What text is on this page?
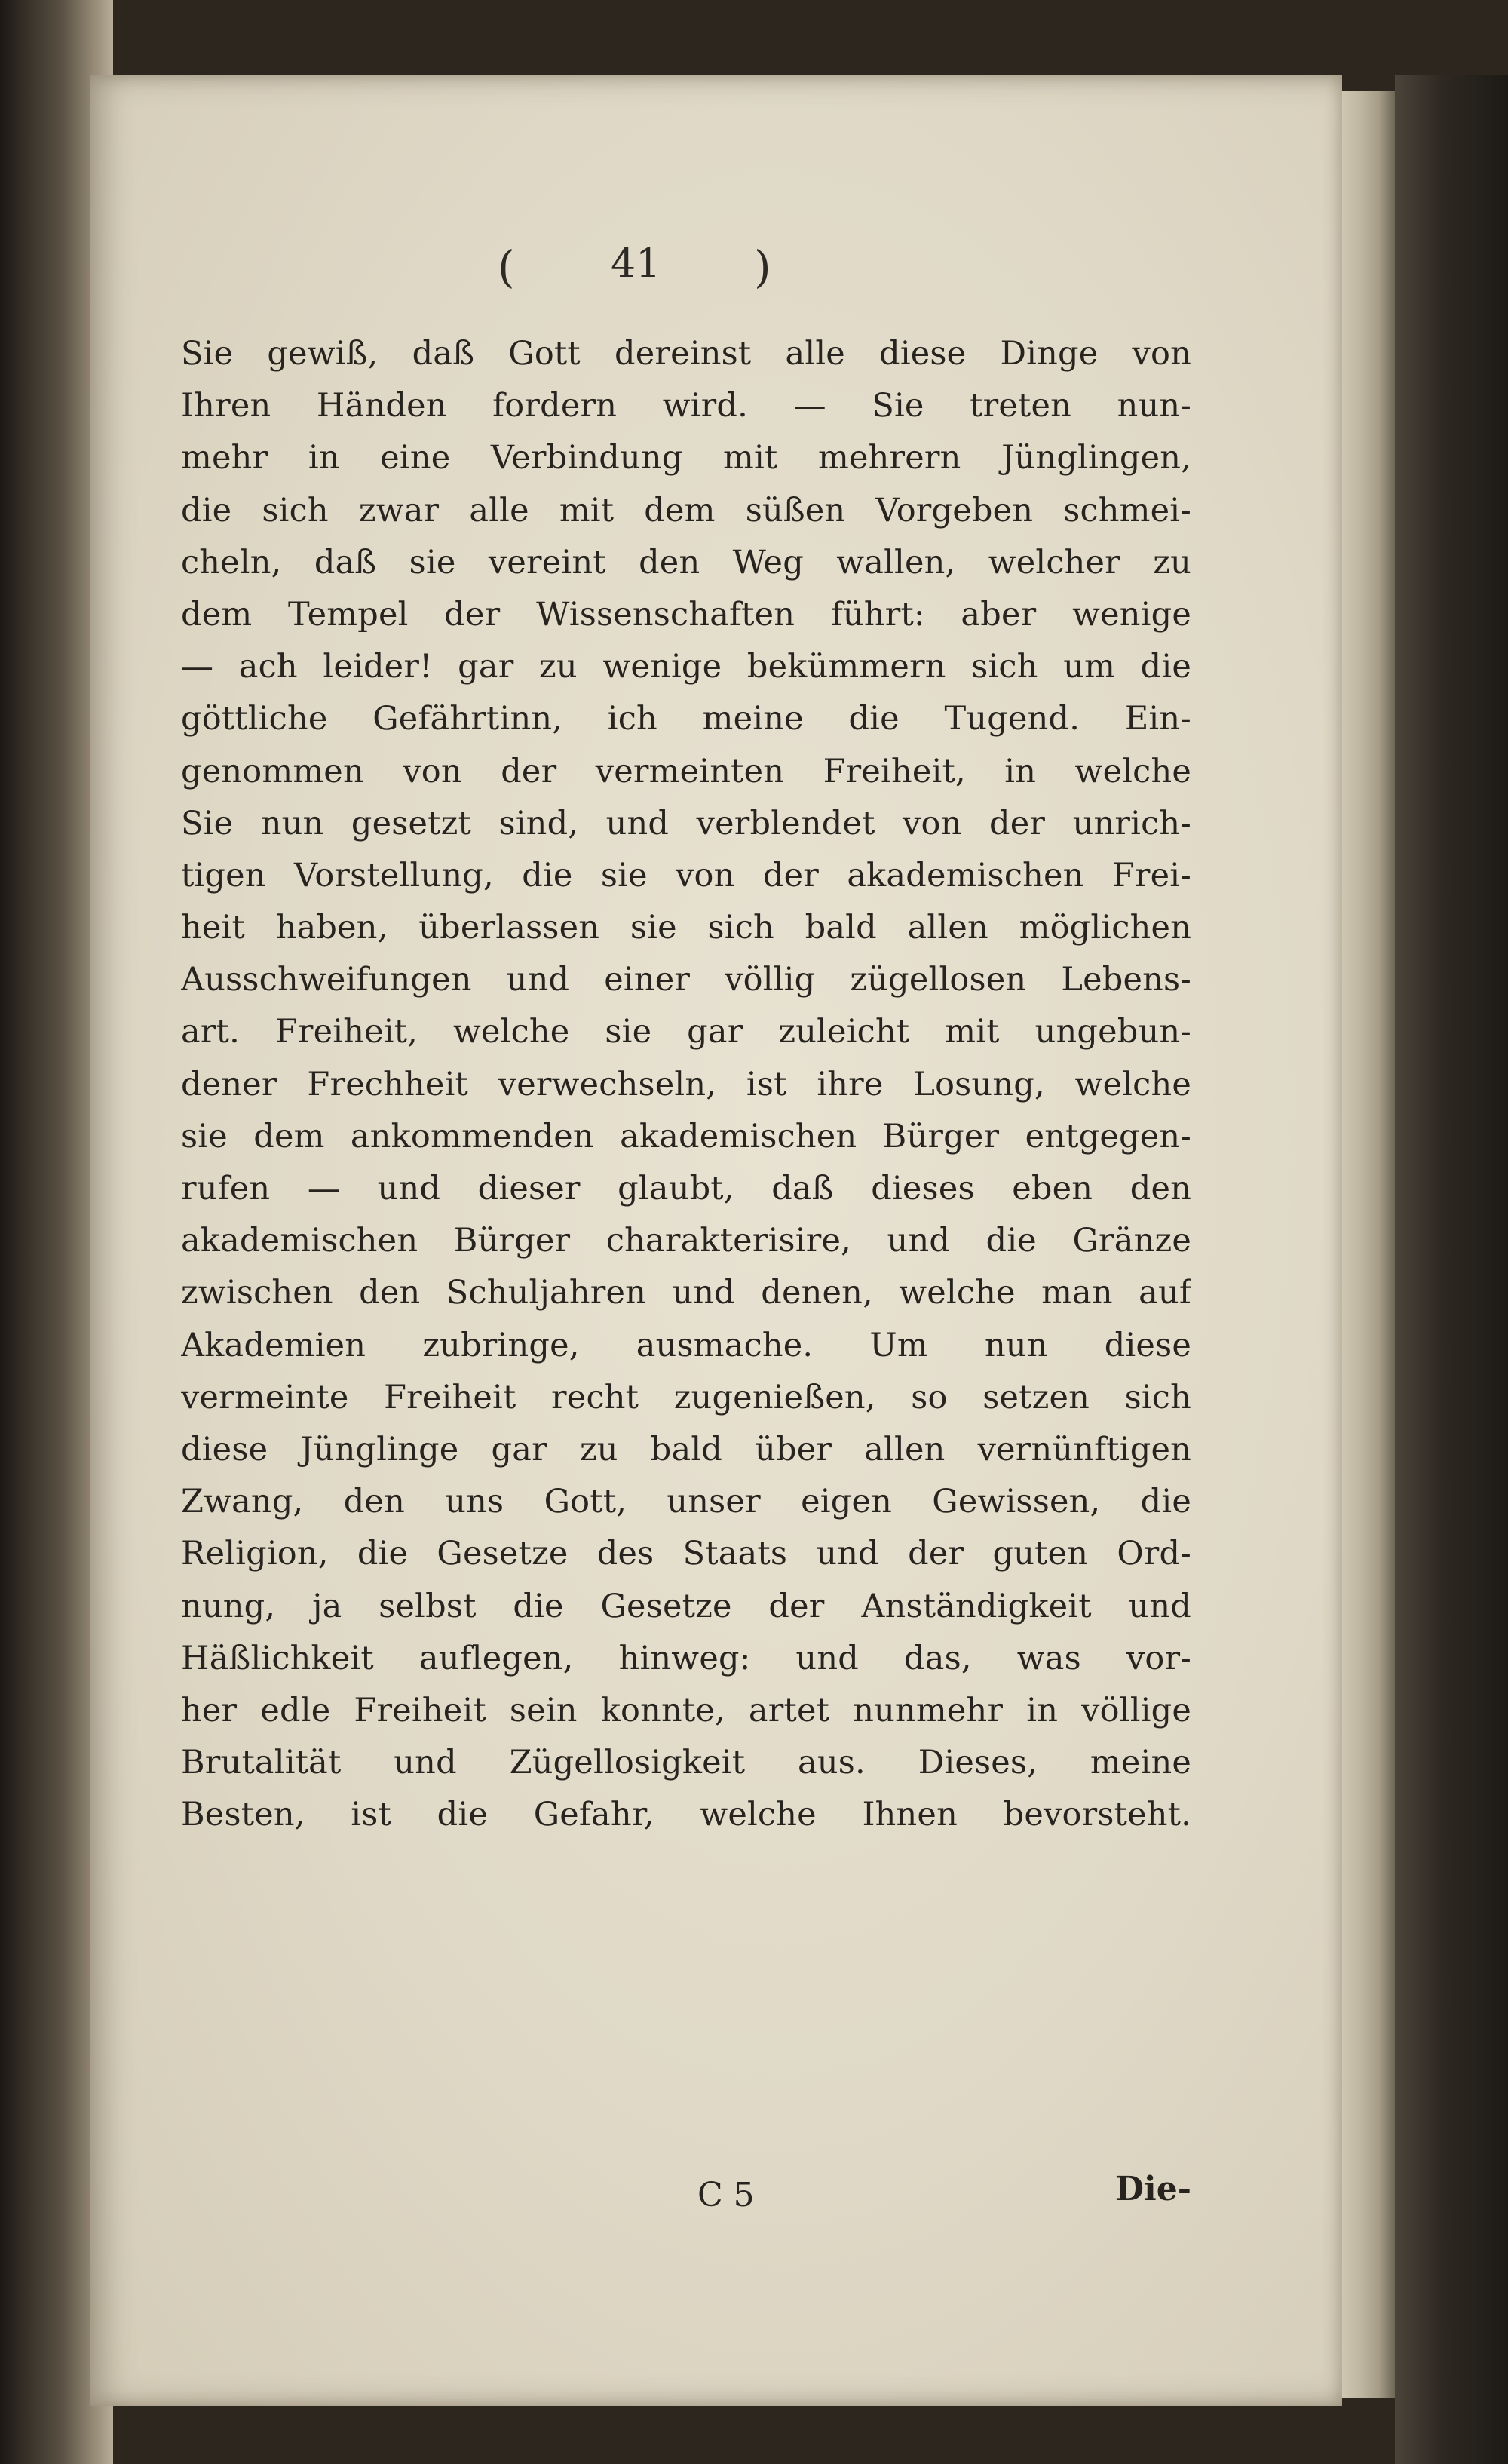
( 41 )
Sie gewiß, daß Gott dereinst alle diese Dinge von
Ihren Händen fordern wird. — Sie treten nun-
mehr in eine Verbindung mit mehrern Jünglingen,
die sich zwar alle mit dem süßen Vorgeben schmei-
cheln, daß sie vereint den Weg wallen, welcher zu
dem Tempel der Wissenschaften führt: aber wenige
— ach leider! gar zu wenige bekümmern sich um die
göttliche Gefährtinn, ich meine die Tugend. Ein-
genommen von der vermeinten Freiheit, in welche
Sie nun gesetzt sind, und verblendet von der unrich-
tigen Vorstellung, die sie von der akademischen Frei-
heit haben, überlassen sie sich bald allen möglichen
Ausschweifungen und einer völlig zügellosen Lebens-
art. Freiheit, welche sie gar zuleicht mit ungebun-
dener Frechheit verwechseln, ist ihre Losung, welche
sie dem ankommenden akademischen Bürger entgegen-
rufen — und dieser glaubt, daß dieses eben den
akademischen Bürger charakterisire, und die Gränze
zwischen den Schuljahren und denen, welche man auf
Akademien zubringe, ausmache. Um nun diese
vermeinte Freiheit recht zugenießen, so setzen sich
diese Jünglinge gar zu bald über allen vernünftigen
Zwang, den uns Gott, unser eigen Gewissen, die
Religion, die Gesetze des Staats und der guten Ord-
nung, ja selbst die Gesetze der Anständigkeit und
Häßlichkeit auflegen, hinweg: und das, was vor-
her edle Freiheit sein konnte, artet nunmehr in völlige
Brutalität und Zügellosigkeit aus. Dieses, meine
Besten, ist die Gefahr, welche Ihnen bevorsteht.
C 5	Die-
